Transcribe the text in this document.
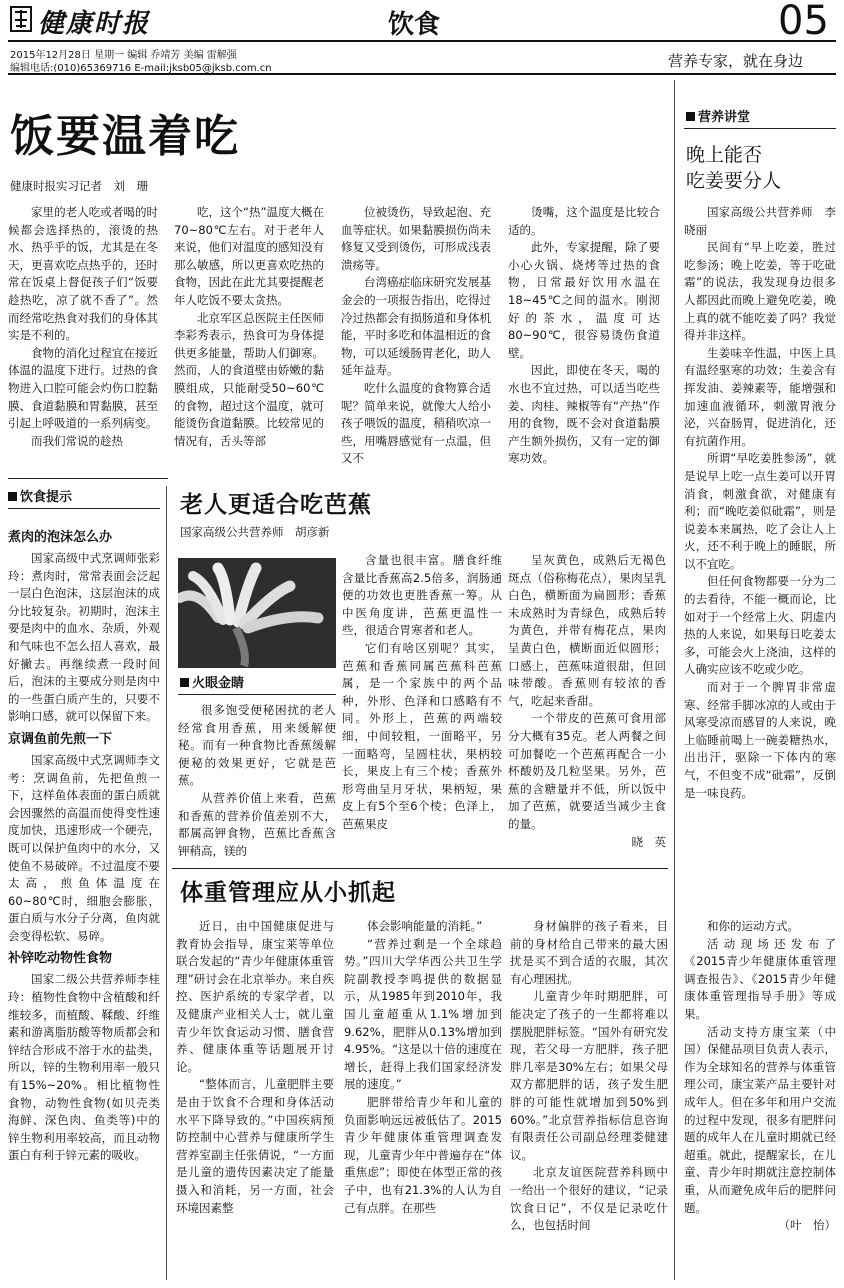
健康时报	饮食	05
2015年12月28日 星期一 编辑 乔靖芳 美编 雷解强
编辑电话:(010)65369716 E-mail:jksb05@jksb.com.cn	营养专家，就在身边
饭要温着吃
健康时报实习记者　刘　珊

家里的老人吃或者喝的时候都会选择热的，滚烫的热水、热乎乎的饭，尤其是在冬天，更喜欢吃点热乎的，还时常在饭桌上督促孩子们“饭要趁热吃，凉了就不香了”。然而经常吃热食对我们的身体其实是不利的。

食物的消化过程宜在接近体温的温度下进行。过热的食物进入口腔可能会灼伤口腔黏膜、食道黏膜和胃黏膜，甚至引起上呼吸道的一系列病变。

而我们常说的趁热

吃，这个“热”温度大概在70~80℃左右。对于老年人来说，他们对温度的感知没有那么敏感，所以更喜欢吃热的食物，因此在此尤其要提醒老年人吃饭不要太贪热。

北京军区总医院主任医师李彩秀表示，热食可为身体提供更多能量，帮助人们御寒。然而，人的食道壁由娇嫩的黏膜组成，只能耐受50~60℃的食物，超过这个温度，就可能烫伤食道黏膜。比较常见的情况有，舌头等部

位被烫伤，导致起泡、充血等症状。如果黏膜损伤尚未修复又受到烫伤，可形成浅表溃疡等。

台湾癌症临床研究发展基金会的一项报告指出，吃得过冷过热都会有损肠道和身体机能，平时多吃和体温相近的食物，可以延缓肠胃老化，助人延年益寿。

吃什么温度的食物算合适呢？简单来说，就像大人给小孩子喂饭的温度，稍稍吹凉一些，用嘴唇感觉有一点温，但又不

烫嘴，这个温度是比较合适的。

此外，专家提醒，除了要小心火锅、烧烤等过热的食物，日常最好饮用水温在18~45℃之间的温水。刚沏好的茶水，温度可达80~90℃，很容易烫伤食道壁。

因此，即使在冬天，喝的水也不宜过热，可以适当吃些姜、肉桂、辣椒等有“产热”作用的食物，既不会对食道黏膜产生额外损伤，又有一定的御寒功效。

饮食提示

煮肉的泡沫怎么办

国家高级中式烹调师张彩玲：煮肉时，常常表面会泛起一层白色泡沫，这层泡沫的成分比较复杂。初期时，泡沫主要是肉中的血水、杂质，外观和气味也不怎么招人喜欢，最好撇去。再继续煮一段时间后，泡沫的主要成分则是肉中的一些蛋白质产生的，只要不影响口感，就可以保留下来。

京调鱼前先煎一下

国家高级中式烹调师李文考：烹调鱼前，先把鱼煎一下，这样鱼体表面的蛋白质就会因骤然的高温而使得变性速度加快，迅速形成一个硬壳，既可以保护鱼肉中的水分，又使鱼不易破碎。不过温度不要太高，煎鱼体温度在60~80℃时，细胞会膨胀，蛋白质与水分子分离，鱼肉就会变得松软、易碎。

补锌吃动物性食物

国家二级公共营养师李桂玲：植物性食物中含植酸和纤维较多，而植酸、鞣酸、纤维素和游离脂肪酸等物质都会和锌结合形成不溶于水的盐类，所以，锌的生物利用率一般只有15%~20%。相比植物性食物，动物性食物(如贝壳类海鲜、深色肉、鱼类等)中的锌生物利用率较高，而且动物蛋白有利于锌元素的吸收。

老人更适合吃芭蕉
国家高级公共营养师　胡彦新
火眼金睛

很多饱受便秘困扰的老人经常食用香蕉，用来缓解便秘。而有一种食物比香蕉缓解便秘的效果更好，它就是芭蕉。

从营养价值上来看，芭蕉和香蕉的营养价值差别不大，都属高钾食物，芭蕉比香蕉含钾稍高，镁的

含量也很丰富。膳食纤维含量比香蕉高2.5倍多，润肠通便的功效也更胜香蕉一筹。从中医角度讲，芭蕉更温性一些，很适合胃寒者和老人。

它们有啥区别呢？其实，芭蕉和香蕉同属芭蕉科芭蕉属，是一个家族中的两个品种，外形、色泽和口感略有不同。外形上，芭蕉的两端较细，中间较粗，一面略平，另一面略弯，呈圆柱状，果柄较长，果皮上有三个棱；香蕉外形弯曲呈月牙状，果柄短，果皮上有5个至6个棱；色泽上，芭蕉果皮

呈灰黄色，成熟后无褐色斑点（俗称梅花点），果肉呈乳白色，横断面为扁圆形；香蕉未成熟时为青绿色，成熟后转为黄色，并带有梅花点，果肉呈黄白色，横断面近似圆形；口感上，芭蕉味道很甜，但回味带酸。香蕉则有较浓的香气，吃起来香甜。

一个带皮的芭蕉可食用部分大概有35克。老人两餐之间可加餐吃一个芭蕉再配合一小杯酸奶及几粒坚果。另外，芭蕉的含糖量并不低，所以饭中加了芭蕉，就要适当减少主食的量。

晓　英

体重管理应从小抓起

近日，由中国健康促进与教育协会指导，康宝莱等单位联合发起的“青少年健康体重管理”研讨会在北京举办。来自疾控、医护系统的专家学者，以及健康产业相关人士，就儿童青少年饮食运动习惯、膳食营养、健康体重等话题展开讨论。

“整体而言，儿童肥胖主要是由于饮食不合理和身体活动水平下降导致的。”中国疾病预防控制中心营养与健康所学生营养室副主任张倩说，“一方面是儿童的遗传因素决定了能量摄入和消耗，另一方面，社会环境因素整

体会影响能量的消耗。”

“营养过剩是一个全球趋势。”四川大学华西公共卫生学院副教授李鸣提供的数据显示，从1985年到2010年，我国儿童超重从1.1%增加到9.62%，肥胖从0.13%增加到4.95%。“这是以十倍的速度在增长，赶得上我们国家经济发展的速度。”

肥胖带给青少年和儿童的负面影响远远被低估了。2015青少年健康体重管理调查发现，儿童青少年中普遍存在“体重焦虑”；即使在体型正常的孩子中，也有21.3%的人认为自己有点胖。在那些

身材偏胖的孩子看来，目前的身材给自己带来的最大困扰是买不到合适的衣服，其次有心理困扰。

儿童青少年时期肥胖，可能决定了孩子的一生都将难以摆脱肥胖标签。“国外有研究发现，若父母一方肥胖，孩子肥胖几率是30%左右；如果父母双方都肥胖的话，孩子发生肥胖的可能性就增加到50%到60%。”北京营养指标信息咨询有限责任公司副总经理娄健建议。

北京友谊医院营养科顾中一给出一个很好的建议，“记录饮食日记”，不仅是记录吃什么，也包括时间

和你的运动方式。

活动现场还发布了《2015青少年健康体重管理调查报告》、《2015青少年健康体重管理指导手册》等成果。

活动支持方康宝莱（中国）保健品项目负责人表示，作为全球知名的营养与体重管理公司，康宝莱产品主要针对成年人。但在多年和用户交流的过程中发现，很多有肥胖问题的成年人在儿童时期就已经超重。就此，提醒家长，在儿童、青少年时期就注意控制体重，从而避免成年后的肥胖问题。

（叶　怡）

营养讲堂
晚上能否
吃姜要分人

国家高级公共营养师　李晓丽

民间有“早上吃姜，胜过吃参汤；晚上吃姜，等于吃砒霜”的说法，我发现身边很多人都因此而晚上避免吃姜，晚上真的就不能吃姜了吗？我觉得并非这样。

生姜味辛性温，中医上具有温经驱寒的功效；生姜含有挥发油、姜辣素等，能增强和加速血液循环，刺激胃液分泌，兴奋肠胃，促进消化，还有抗菌作用。

所谓“早吃姜胜参汤”，就是说早上吃一点生姜可以开胃消食，刺激食欲，对健康有利；而“晚吃姜似砒霜”，则是说姜本来属热，吃了会让人上火，还不利于晚上的睡眠，所以不宜吃。

但任何食物都要一分为二的去看待，不能一概而论，比如对于一个经常上火、阴虚内热的人来说，如果每日吃姜太多，可能会火上浇油，这样的人确实应该不吃或少吃。

而对于一个脾胃非常虚寒、经常手脚冰凉的人或由于风寒受凉而感冒的人来说，晚上临睡前喝上一碗姜糖热水，出出汗，驱除一下体内的寒气，不但变不成“砒霜”，反倒是一味良药。
